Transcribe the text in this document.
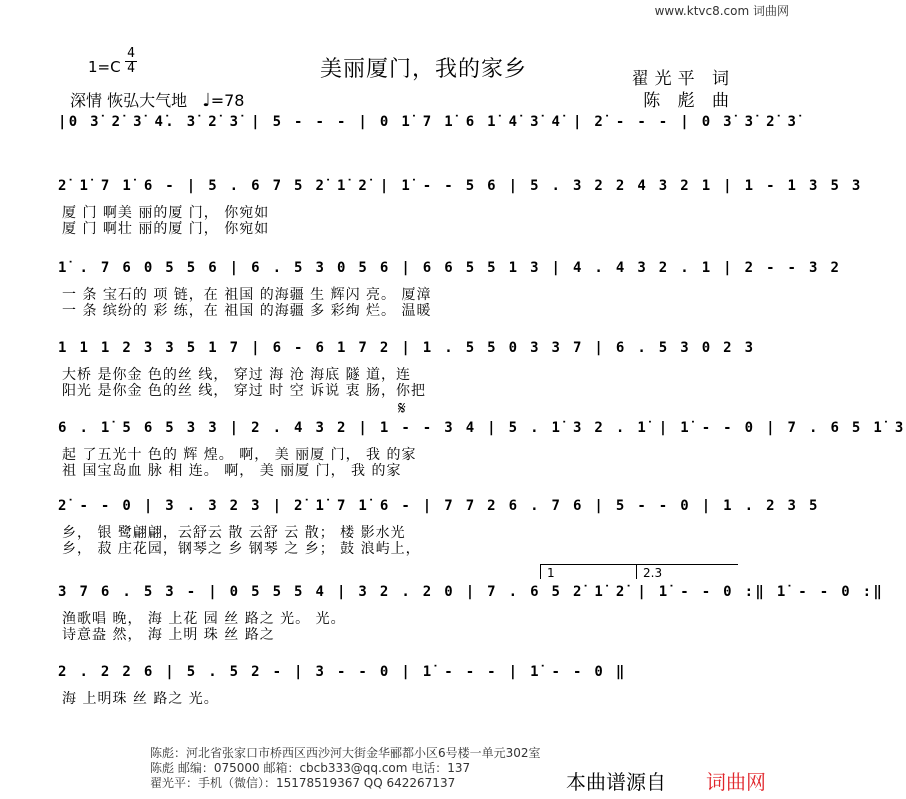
www.ktvc8.com 词曲网
1=C
4
4	美丽厦门，我的家乡	翟光平 词
陈 彪 曲
深情 恢弘大气地 ♩=78
|0 3̇ 2̇ 3̇ 4̇. 3̇ 2̇ 3̇ | 5 - - - | 0 1̇ 7 1̇ 6 1̇ 4̇ 3̇ 4̇ | 2̇ - - - | 0 3̇ 3̇ 2̇ 3̇
2̇ 1̇ 7 1̇ 6 - | 5 . 6 7 5 2̇ 1̇ 2̇ | 1̇ - - 5 6 | 5 . 3 2 2 4 3 2 1 | 1 - 1 3 5 3
厦 门 啊美 丽的厦 门， 你宛如
厦 门 啊壮 丽的厦 门， 你宛如
1̇ . 7 6 0 5 5 6 | 6 . 5 3 0 5 6 | 6 6 5 5 1 3 | 4 . 4 3 2 . 1 | 2 - - 3 2
一 条 宝石的 项 链，在 祖国 的海疆 生 辉闪 亮。 厦漳
一 条 缤纷的 彩 练，在 祖国 的海疆 多 彩绚 烂。 温暖
1 1 1 2 3 3 5 1 7 | 6 - 6 1 7 2 | 1 . 5 5 0 3 3 7 | 6 . 5 3 0 2 3
大桥 是你金 色的丝 线， 穿过 海 沧 海底 隧 道，连
阳光 是你金 色的丝 线， 穿过 时 空 诉说 衷 肠，你把
6 . 1̇ 5 6 5 3 3 | 2 . 4 3 2 | 1 - - 3 4 | 5 . 1̇ 3 2 . 1̇ | 1̇ - - 0 | 7 . 6 5 1̇ 3
起 了五光十 色的 辉 煌。 啊， 美 丽厦 门， 我 的家
祖 国宝岛血 脉 相 连。 啊， 美 丽厦 门， 我 的家
2̇ - - 0 | 3 . 3 2 3 | 2̇ 1̇ 7 1̇ 6 - | 7 7 2 6 . 7 6 | 5 - - 0 | 1 . 2 3 5
乡， 银 鹭翩翩，云舒云 散 云舒 云 散； 楼 影水光
乡， 菽 庄花园，钢琴之 乡 钢琴 之 乡； 鼓 浪屿上，
3 7 6 . 5 3 - | 0 5 5 5 4 | 3 2 . 2 0 | 7 . 6 5 2̇ 1̇ 2̇ | 1̇ - - 0 :‖ 1̇ - - 0 :‖
渔歌唱 晚， 海 上花 园 丝 路之 光。 光。
诗意盎 然， 海 上明 珠 丝 路之
1	2.3
2 . 2 2 6 | 5 . 5 2 - | 3 - - 0 | 1̇ - - - | 1̇ - - 0 ‖
海 上明珠 丝 路之 光。
𝄋
陈彪：河北省张家口市桥西区西沙河大街金华郦都小区6号楼一单元302室
陈彪 邮编：075000 邮箱：cbcb333@qq.com 电话：137
翟光平：手机（微信）：15178519367 QQ 642267137	本曲谱源自 词曲网
